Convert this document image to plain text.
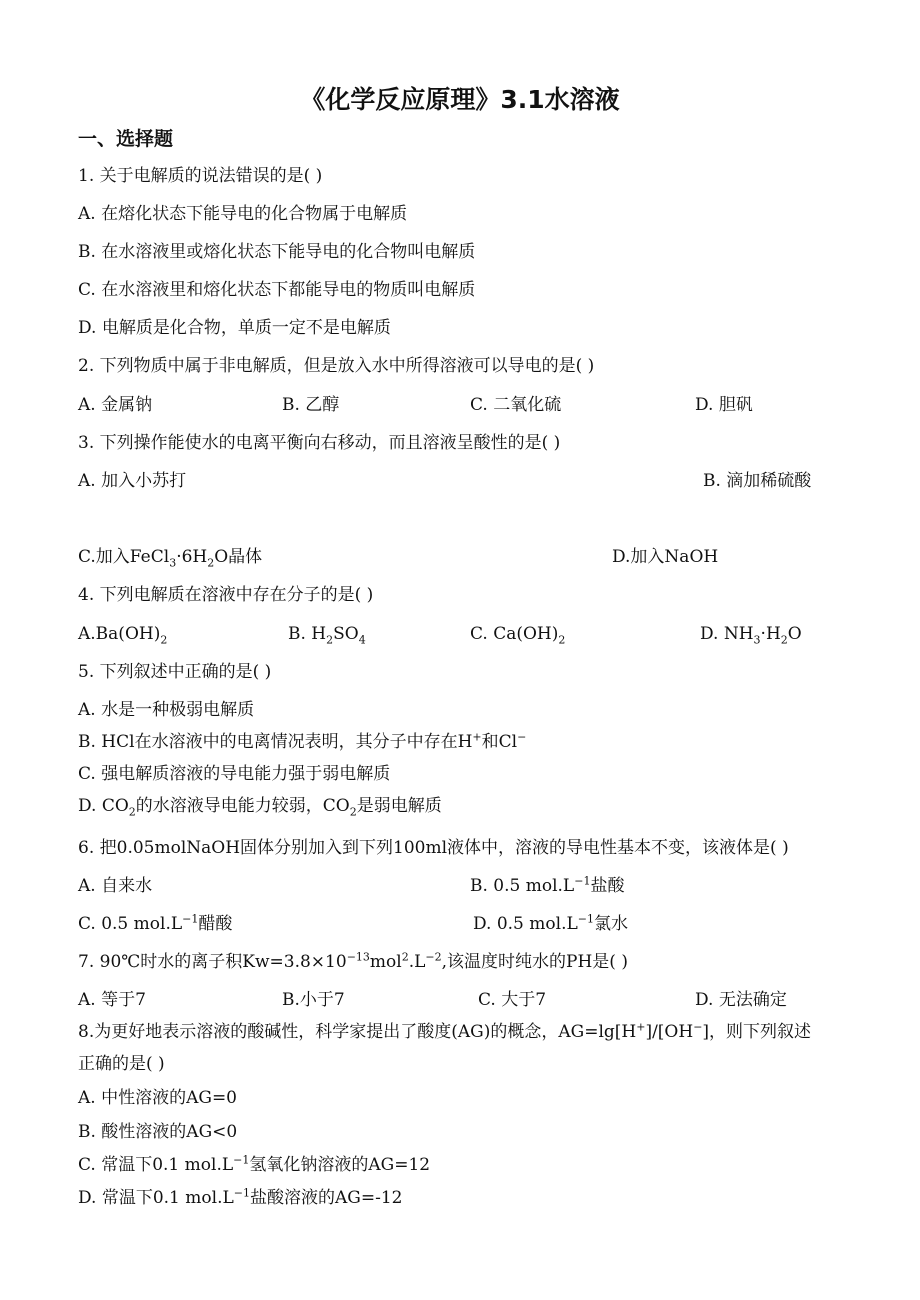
《化学反应原理》3.1水溶液
一、选择题
1. 关于电解质的说法错误的是( )
A. 在熔化状态下能导电的化合物属于电解质
B. 在水溶液里或熔化状态下能导电的化合物叫电解质
C. 在水溶液里和熔化状态下都能导电的物质叫电解质
D. 电解质是化合物，单质一定不是电解质
2. 下列物质中属于非电解质，但是放入水中所得溶液可以导电的是( )
A. 金属钠	B. 乙醇	C. 二氧化硫	D. 胆矾
3. 下列操作能使水的电离平衡向右移动，而且溶液呈酸性的是( )
A. 加入小苏打	B. 滴加稀硫酸
C.加入$FeCl_3\cdot 6H_2O$晶体	D.加入NaOH
4. 下列电解质在溶液中存在分子的是( )
$A.Ba(OH)_2$	B. $H_2SO_4$	C. $Ca(OH)_2$	D. $NH_3\cdot H_2O$
5. 下列叙述中正确的是( )
A. 水是一种极弱电解质
B. HCl在水溶液中的电离情况表明，其分子中存在H+和Cl−
C. 强电解质溶液的导电能力强于弱电解质
D. $CO_2$的水溶液导电能力较弱，$CO_2$是弱电解质
6. 把0.05molNaOH固体分别加入到下列100ml液体中，溶液的导电性基本不变，该液体是( )
A. 自来水	B. 0.5 $mol.L^{-1}$盐酸
C. 0.5 $mol.L^{-1}$醋酸	D. 0.5 $mol.L^{-1}$氯水
7. 90℃时水的离子积$Kw=3.8\times 10^{-13}mol^2.L^{-2}$,该温度时纯水的PH是( )
A. 等于7	B.小于7	C. 大于7	D. 无法确定
8.为更好地表示溶液的酸碱性，科学家提出了酸度(AG)的概念，AG=lg[H+]/[OH−]，则下列叙述
正确的是( )
A. 中性溶液的AG=0
B. 酸性溶液的AG<0
C. 常温下0.1 $mol.L^{-1}$氢氧化钠溶液的AG=12
D. 常温下0.1 $mol.L^{-1}$盐酸溶液的AG=-12
